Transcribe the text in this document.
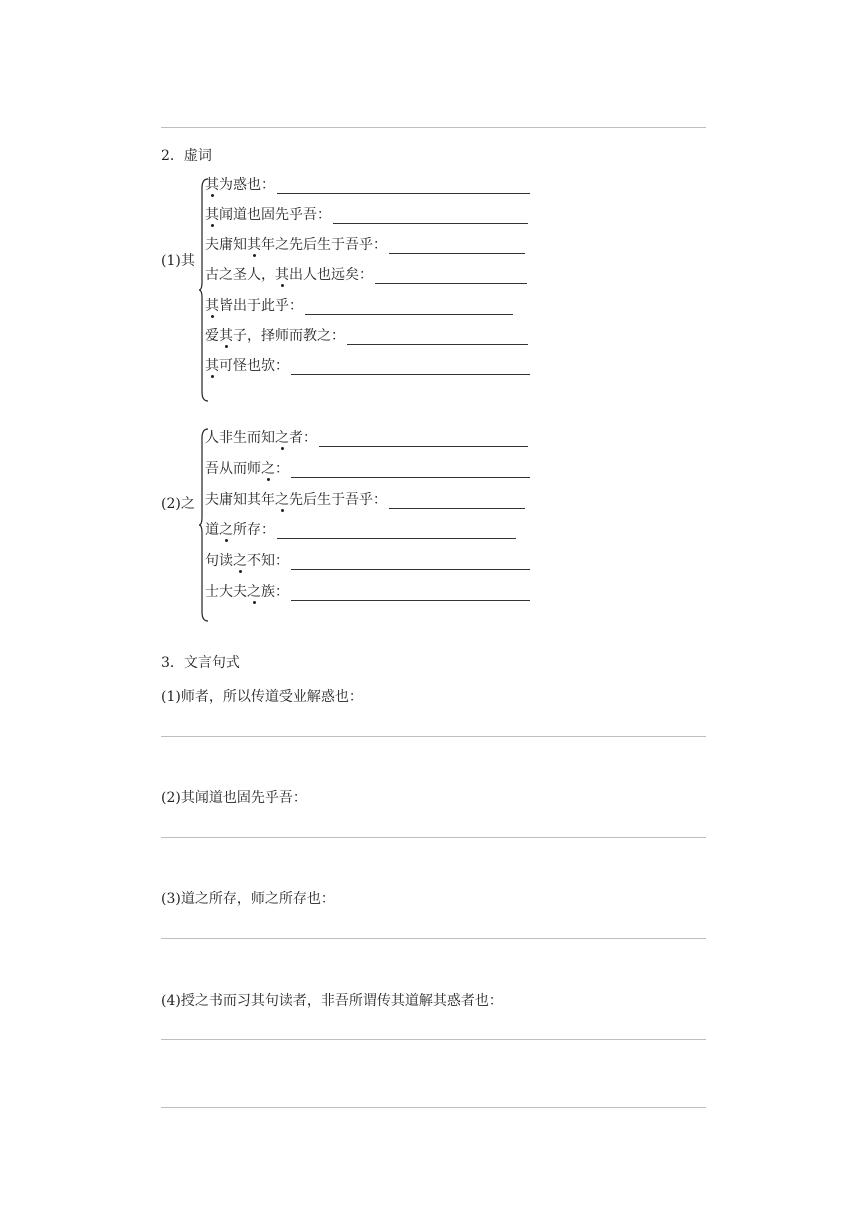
2．虚词
(1)其
其为惑也：
其闻道也固先乎吾：
夫庸知其年之先后生于吾乎：
古之圣人，其出人也远矣：
其皆出于此乎：
爱其子，择师而教之：
其可怪也欤：
(2)之
人非生而知之者：
吾从而师之：
夫庸知其年之先后生于吾乎：
道之所存：
句读之不知：
士大夫之族：
3．文言句式
(1)师者，所以传道受业解惑也：
(2)其闻道也固先乎吾：
(3)道之所存，师之所存也：
(4)授之书而习其句读者，非吾所谓传其道解其惑者也：
